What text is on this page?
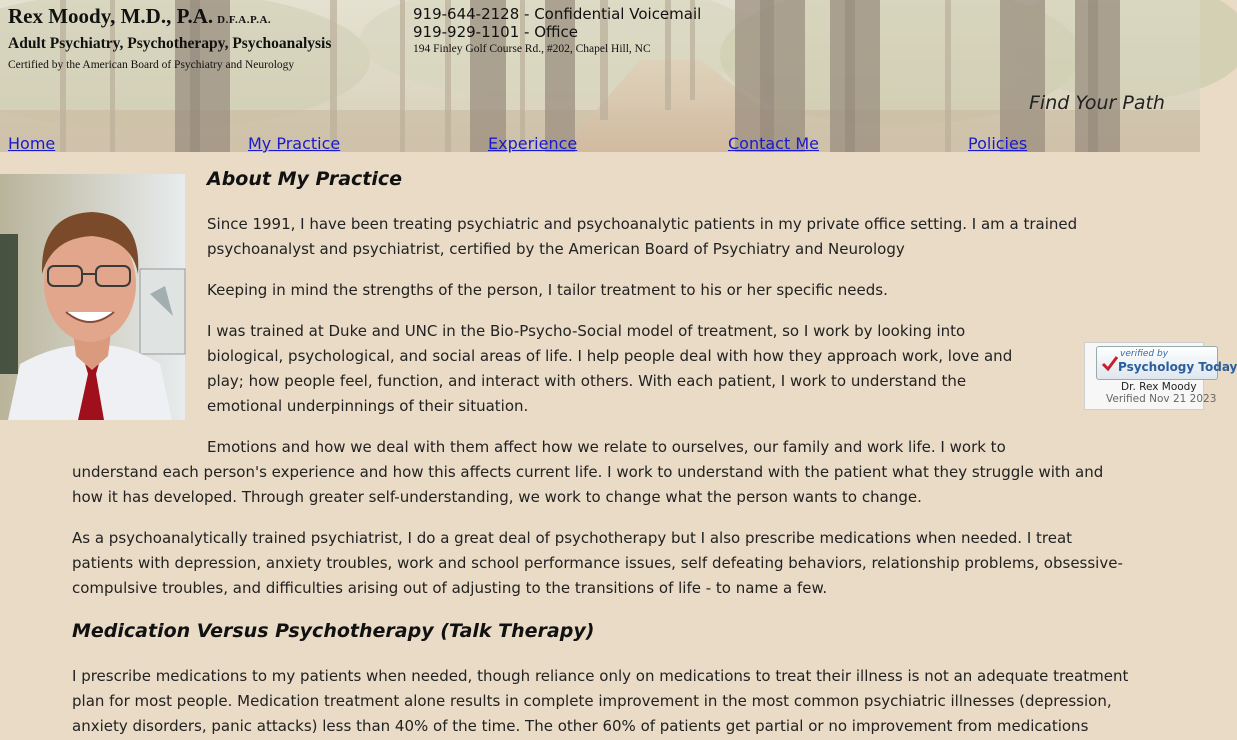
Rex Moody, M.D., P.A. D.F.A.P.A.
Adult Psychiatry, Psychotherapy, Psychoanalysis
Certified by the American Board of Psychiatry and Neurology
919-644-2128 - Confidential Voicemail
919-929-1101 - Office
194 Finley Golf Course Rd., #202, Chapel Hill, NC
Find Your Path
Home	My Practice	Experience	Contact Me	Policies
verified by
Psychology Today
Dr. Rex Moody
Verified Nov 21 2023
About My Practice
Since 1991, I have been treating psychiatric and psychoanalytic patients in my private office setting. I am a trained
psychoanalyst and psychiatrist, certified by the American Board of Psychiatry and Neurology
Keeping in mind the strengths of the person, I tailor treatment to his or her specific needs.
I was trained at Duke and UNC in the Bio-Psycho-Social model of treatment, so I work by looking into
biological, psychological, and social areas of life. I help people deal with how they approach work, love and
play; how people feel, function, and interact with others. With each patient, I work to understand the
emotional underpinnings of their situation.
Emotions and how we deal with them affect how we relate to ourselves, our family and work life. I work to
understand each person's experience and how this affects current life. I work to understand with the patient what they struggle with and
how it has developed. Through greater self-understanding, we work to change what the person wants to change.
As a psychoanalytically trained psychiatrist, I do a great deal of psychotherapy but I also prescribe medications when needed. I treat
patients with depression, anxiety troubles, work and school performance issues, self defeating behaviors, relationship problems, obsessive-
compulsive troubles, and difficulties arising out of adjusting to the transitions of life - to name a few.
Medication Versus Psychotherapy (Talk Therapy)
I prescribe medications to my patients when needed, though reliance only on medications to treat their illness is not an adequate treatment
plan for most people. Medication treatment alone results in complete improvement in the most common psychiatric illnesses (depression,
anxiety disorders, panic attacks) less than 40% of the time. The other 60% of patients get partial or no improvement from medications
